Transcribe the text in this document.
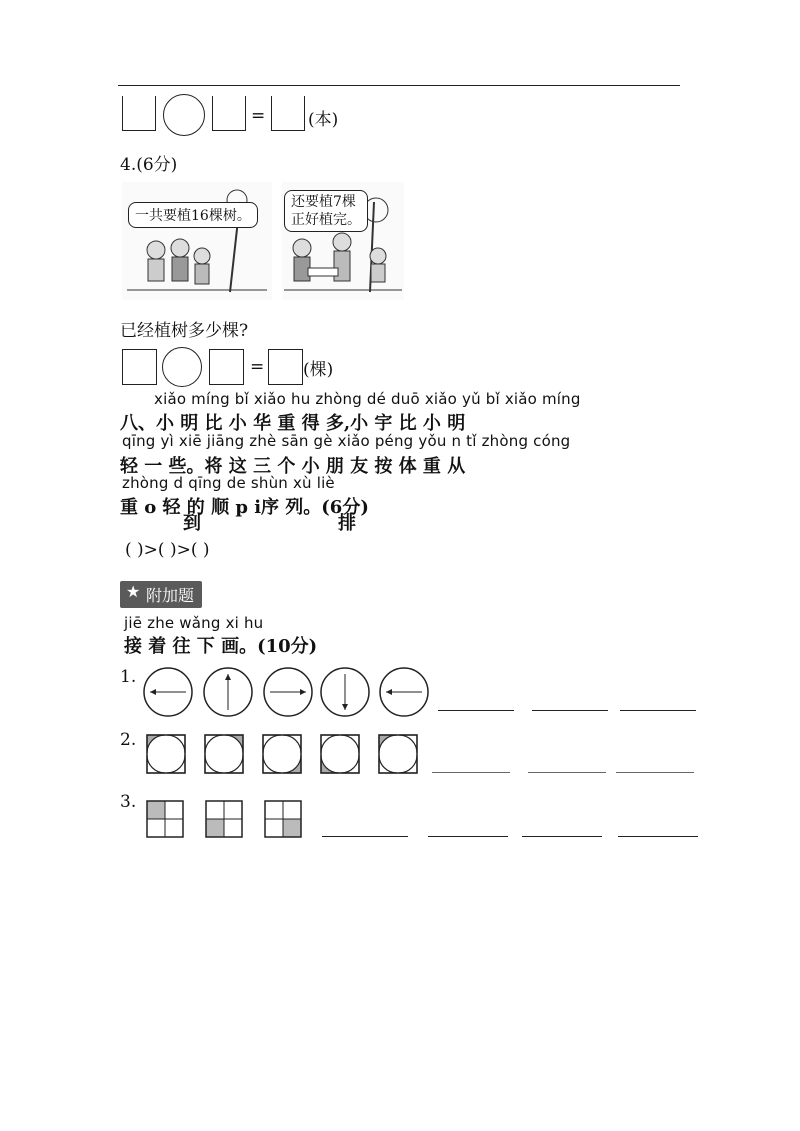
=	(本)
4.(6分)
一共要植16棵树。
还要植7棵
正好植完。
已经植树多少棵?
= (棵)
xiǎo míng bǐ xiǎo hu zhòng dé duō xiǎo yǔ bǐ xiǎo míng
八、小 明 比 小 华 重 得 多,小 宇 比 小 明
qīng yì xiē jiāng zhè sān gè xiǎo péng yǒu n tǐ zhòng cóng
轻 一 些。将 这 三 个 小 朋 友 按 体 重 从
zhòng d qīng de shùn xù liè
重 o 轻 的 顺 p i序 列。(6分)
到	排
( )>( )>( )
★ 附加题
jiē zhe wǎng xi hu
接 着 往 下 画。(10分)
1.
2.
3.
